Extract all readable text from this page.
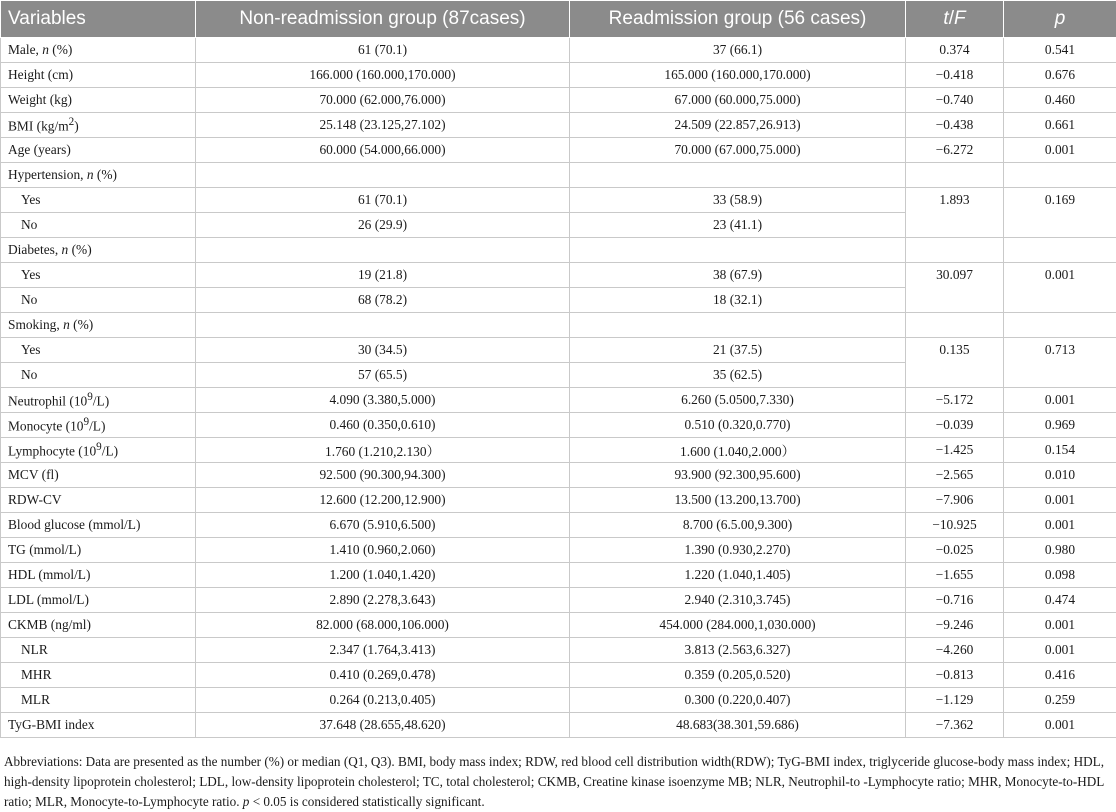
Variables	Non-readmission group (87cases)	Readmission group (56 cases)	t/F	p
Male, n (%)	61 (70.1)	37 (66.1)	0.374	0.541
Height (cm)	166.000 (160.000,170.000)	165.000 (160.000,170.000)	−0.418	0.676
Weight (kg)	70.000 (62.000,76.000)	67.000 (60.000,75.000)	−0.740	0.460
BMI $(kg/m^2)$	25.148 (23.125,27.102)	24.509 (22.857,26.913)	−0.438	0.661
Age (years)	60.000 (54.000,66.000)	70.000 (67.000,75.000)	−6.272	0.001
Hypertension, n (%)				
Yes	61 (70.1)	33 (58.9)	1.893	0.169
No	26 (29.9)	23 (41.1)		
Diabetes, n (%)				
Yes	19 (21.8)	38 (67.9)	30.097	0.001
No	68 (78.2)	18 (32.1)		
Smoking, n (%)				
Yes	30 (34.5)	21 (37.5)	0.135	0.713
No	57 (65.5)	35 (62.5)		
Neutrophil $(10^9/L)$	4.090 (3.380,5.000)	6.260 (5.0500,7.330)	−5.172	0.001
Monocyte $(10^9/L)$	0.460 (0.350,0.610)	0.510 (0.320,0.770)	−0.039	0.969
Lymphocyte $(10^9/L)$	1.760 (1.210,2.130）	1.600 (1.040,2.000）	−1.425	0.154
MCV (fl)	92.500 (90.300,94.300)	93.900 (92.300,95.600)	−2.565	0.010
RDW-CV	12.600 (12.200,12.900)	13.500 (13.200,13.700)	−7.906	0.001
Blood glucose (mmol/L)	6.670 (5.910,6.500)	8.700 (6.5.00,9.300)	−10.925	0.001
TG (mmol/L)	1.410 (0.960,2.060)	1.390 (0.930,2.270)	−0.025	0.980
HDL (mmol/L)	1.200 (1.040,1.420)	1.220 (1.040,1.405)	−1.655	0.098
LDL (mmol/L)	2.890 (2.278,3.643)	2.940 (2.310,3.745)	−0.716	0.474
CKMB (ng/ml)	82.000 (68.000,106.000)	454.000 (284.000,1,030.000)	−9.246	0.001
NLR	2.347 (1.764,3.413)	3.813 (2.563,6.327)	−4.260	0.001
MHR	0.410 (0.269,0.478)	0.359 (0.205,0.520)	−0.813	0.416
MLR	0.264 (0.213,0.405)	0.300 (0.220,0.407)	−1.129	0.259
TyG-BMI index	37.648 (28.655,48.620)	48.683(38.301,59.686)	−7.362	0.001
Abbreviations: Data are presented as the number (%) or median (Q1, Q3). BMI, body mass index; RDW, red blood cell distribution width(RDW); TyG-BMI index, triglyceride glucose-body mass index; HDL, high-density lipoprotein cholesterol; LDL, low-density lipoprotein cholesterol; TC, total cholesterol; CKMB, Creatine kinase isoenzyme MB; NLR, Neutrophil-to -Lymphocyte ratio; MHR, Monocyte-to-HDL ratio; MLR, Monocyte-to-Lymphocyte ratio. p < 0.05 is considered statistically significant.
